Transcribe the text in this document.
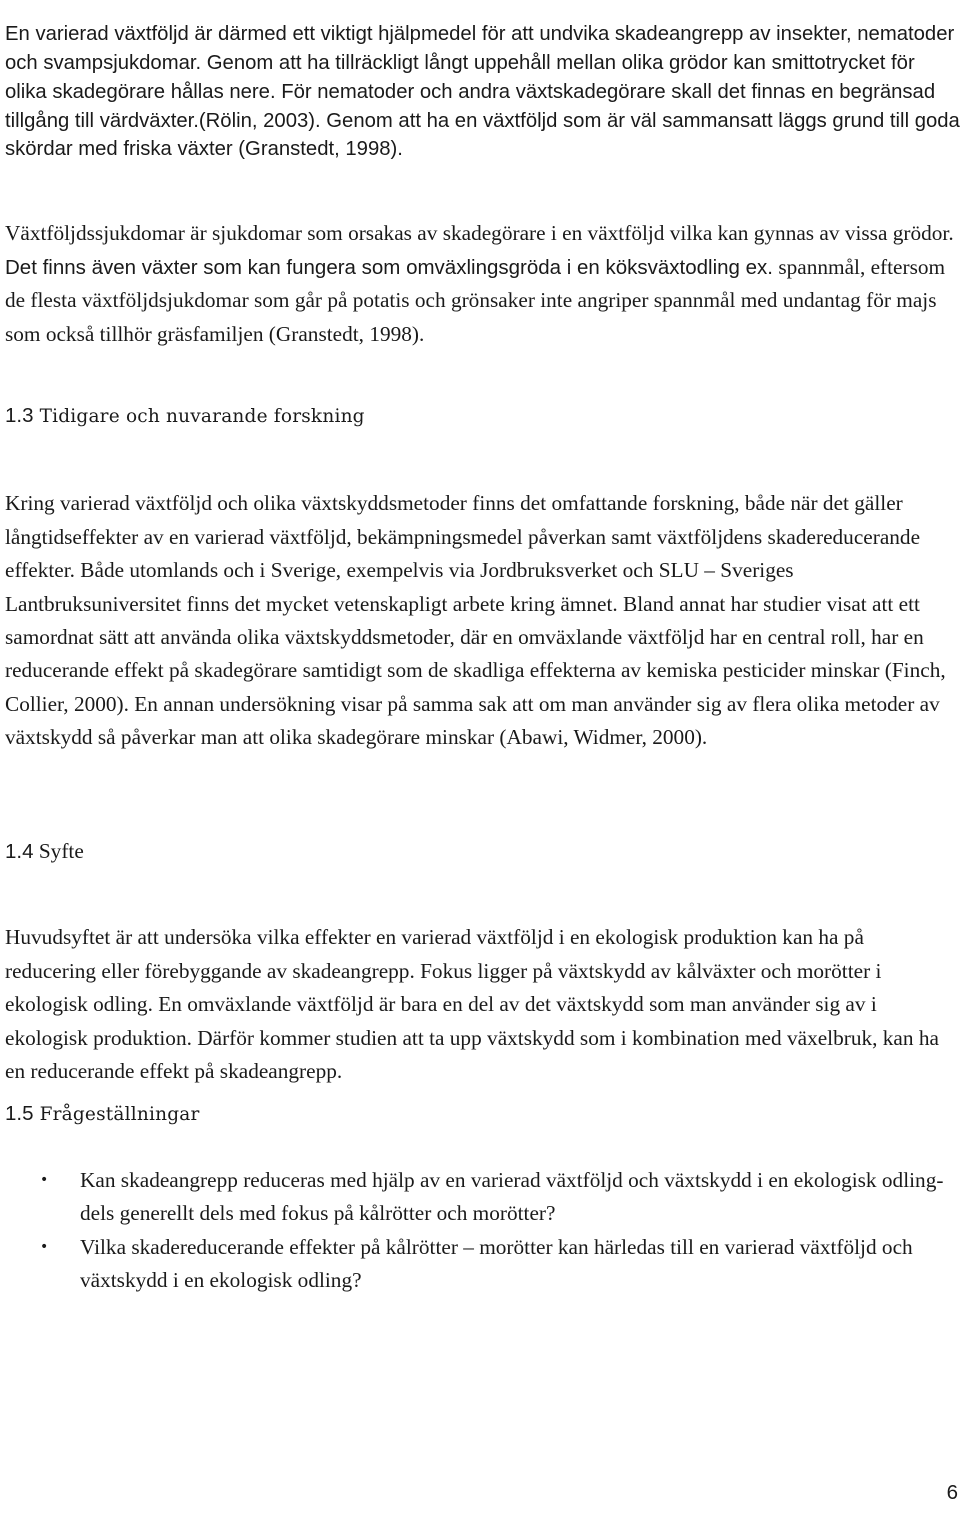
En varierad växtföljd är därmed ett viktigt hjälpmedel för att undvika skadeangrepp av insekter, nematoder och svampsjukdomar. Genom att ha tillräckligt långt uppehåll mellan olika grödor kan smittotrycket för olika skadegörare hållas nere. För nematoder och andra växtskadegörare skall det finnas en begränsad tillgång till värdväxter.(Rölin, 2003). Genom att ha en växtföljd som är väl sammansatt läggs grund till goda skördar med friska växter (Granstedt, 1998).

Växtföljdssjukdomar är sjukdomar som orsakas av skadegörare i en växtföljd vilka kan gynnas av vissa grödor. Det finns även växter som kan fungera som omväxlingsgröda i en köksväxtodling ex. spannmål, eftersom de flesta växtföljdsjukdomar som går på potatis och grönsaker inte angriper spannmål med undantag för majs som också tillhör gräsfamiljen (Granstedt, 1998).

1.3 Tidigare och nuvarande forskning

Kring varierad växtföljd och olika växtskyddsmetoder finns det omfattande forskning, både när det gäller långtidseffekter av en varierad växtföljd, bekämpningsmedel påverkan samt växtföljdens skadereducerande effekter. Både utomlands och i Sverige, exempelvis via Jordbruksverket och SLU – Sveriges Lantbruksuniversitet finns det mycket vetenskapligt arbete kring ämnet. Bland annat har studier visat att ett samordnat sätt att använda olika växtskyddsmetoder, där en omväxlande växtföljd har en central roll, har en reducerande effekt på skadegörare samtidigt som de skadliga effekterna av kemiska pesticider minskar (Finch, Collier, 2000). En annan undersökning visar på samma sak att om man använder sig av flera olika metoder av växtskydd så påverkar man att olika skadegörare minskar (Abawi, Widmer, 2000).

1.4 Syfte

Huvudsyftet är att undersöka vilka effekter en varierad växtföljd i en ekologisk produktion kan ha på reducering eller förebyggande av skadeangrepp. Fokus ligger på växtskydd av kålväxter och morötter i ekologisk odling. En omväxlande växtföljd är bara en del av det växtskydd som man använder sig av i ekologisk produktion. Därför kommer studien att ta upp växtskydd som i kombination med växelbruk, kan ha en reducerande effekt på skadeangrepp.

1.5 Frågeställningar
• Kan skadeangrepp reduceras med hjälp av en varierad växtföljd och växtskydd i en ekologisk odling- dels generellt dels med fokus på kålrötter och morötter?
• Vilka skadereducerande effekter på kålrötter – morötter kan härledas till en varierad växtföljd och växtskydd i en ekologisk odling?
6
